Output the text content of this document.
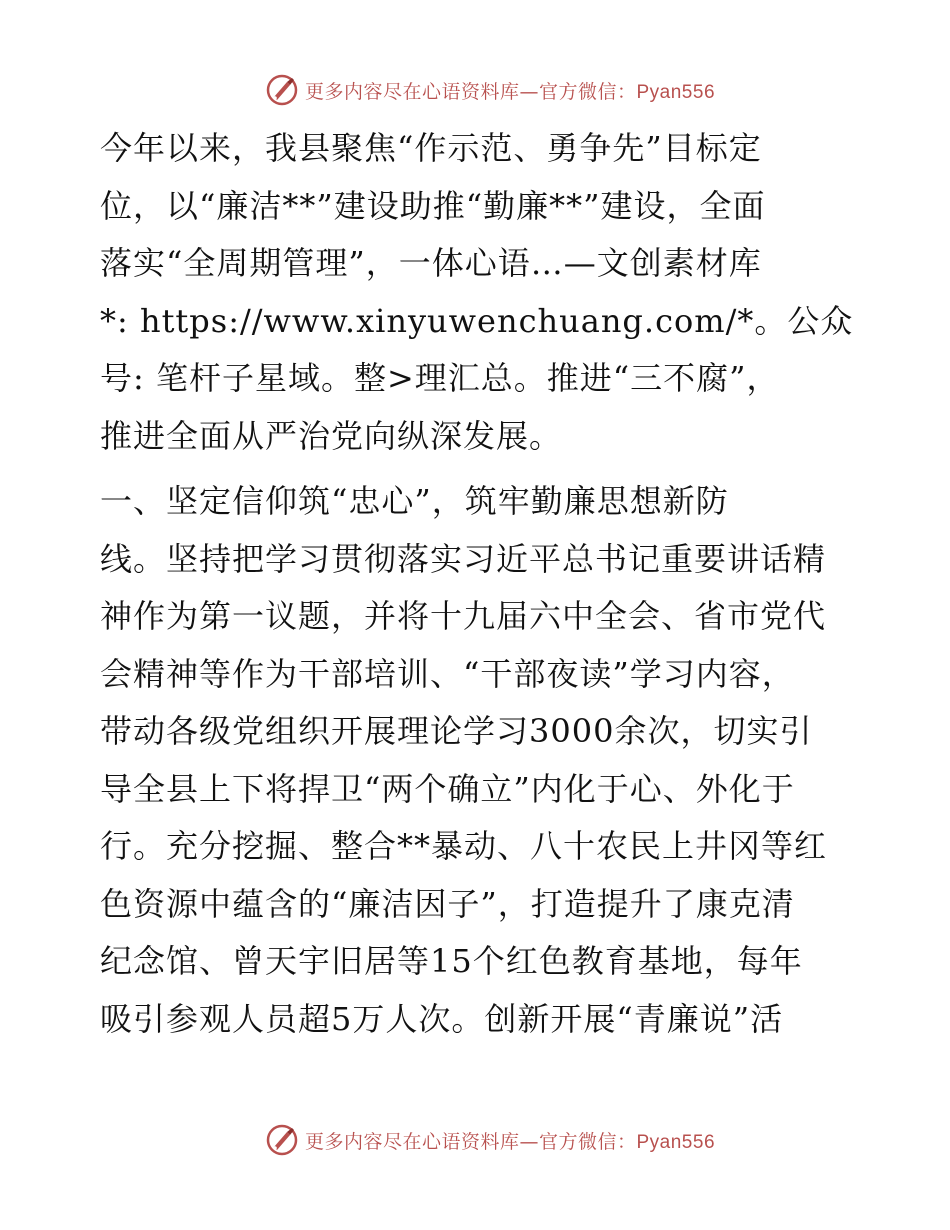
更多内容尽在心语资料库—官方微信：Pyan556
今年以来，我县聚焦“作示范、勇争先”目标定
位，以“廉洁**”建设助推“勤廉**”建设，全面
落实“全周期管理”，一体心语…—文创素材库
*: https://www.xinyuwenchuang.com/*。公众
号: 笔杆子星域。整>理汇总。推进“三不腐”，
推进全面从严治党向纵深发展。
一、坚定信仰筑“忠心”，筑牢勤廉思想新防
线。坚持把学习贯彻落实习近平总书记重要讲话精
神作为第一议题，并将十九届六中全会、省市党代
会精神等作为干部培训、“干部夜读”学习内容，
带动各级党组织开展理论学习3000余次，切实引
导全县上下将捍卫“两个确立”内化于心、外化于
行。充分挖掘、整合**暴动、八十农民上井冈等红
色资源中蕴含的“廉洁因子”，打造提升了康克清
纪念馆、曾天宇旧居等15个红色教育基地，每年
吸引参观人员超5万人次。创新开展“青廉说”活
更多内容尽在心语资料库—官方微信：Pyan556
